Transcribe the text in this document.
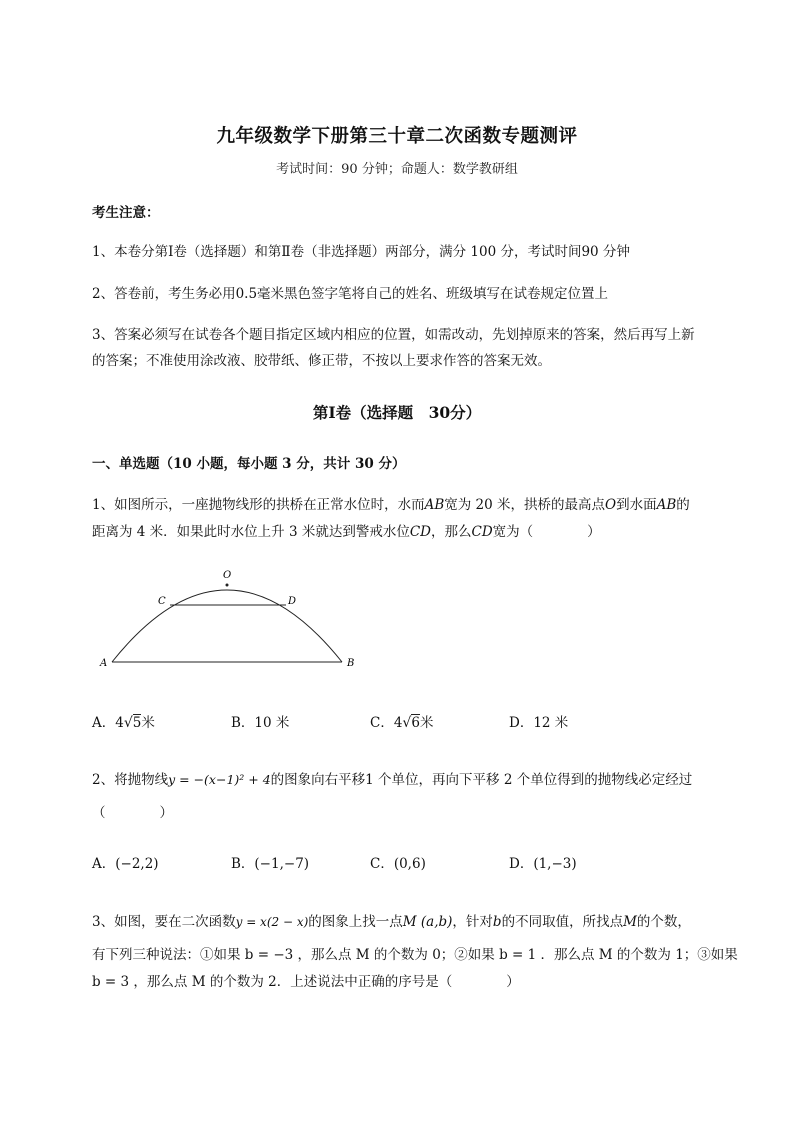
九年级数学下册第三十章二次函数专题测评
考试时间：90 分钟；命题人：数学教研组
考生注意：
1、本卷分第Ⅰ卷（选择题）和第Ⅱ卷（非选择题）两部分，满分 100 分，考试时间90 分钟
2、答卷前，考生务必用0.5毫米黑色签字笔将自己的姓名、班级填写在试卷规定位置上
3、答案必须写在试卷各个题目指定区域内相应的位置，如需改动，先划掉原来的答案，然后再写上新
的答案；不准使用涂改液、胶带纸、修正带，不按以上要求作答的答案无效。
第Ⅰ卷（选择题　30分）
一、单选题（10 小题，每小题 3 分，共计 30 分）
1、如图所示，一座抛物线形的拱桥在正常水位时，水而AB宽为 20 米，拱桥的最高点O到水面AB的
距离为 4 米．如果此时水位上升 3 米就达到警戒水位CD，那么CD宽为（　　　　）
O
C	D
A	B
A．4√5米	B．10 米	C．4√6米	D．12 米
2、将抛物线y = −(x−1)² + 4的图象向右平移1 个单位，再向下平移 2 个单位得到的抛物线必定经过
（　　　　）
A．(−2,2)	B．(−1,−7)	C．(0,6)	D．(1,−3)
3、如图，要在二次函数y = x(2 − x)的图象上找一点M (a,b)，针对b的不同取值，所找点M的个数，
有下列三种说法：①如果 b = −3 ，那么点 M 的个数为 0；②如果 b = 1 ．那么点 M 的个数为 1；③如果
b = 3 ，那么点 M 的个数为 2．上述说法中正确的序号是（　　　　）
